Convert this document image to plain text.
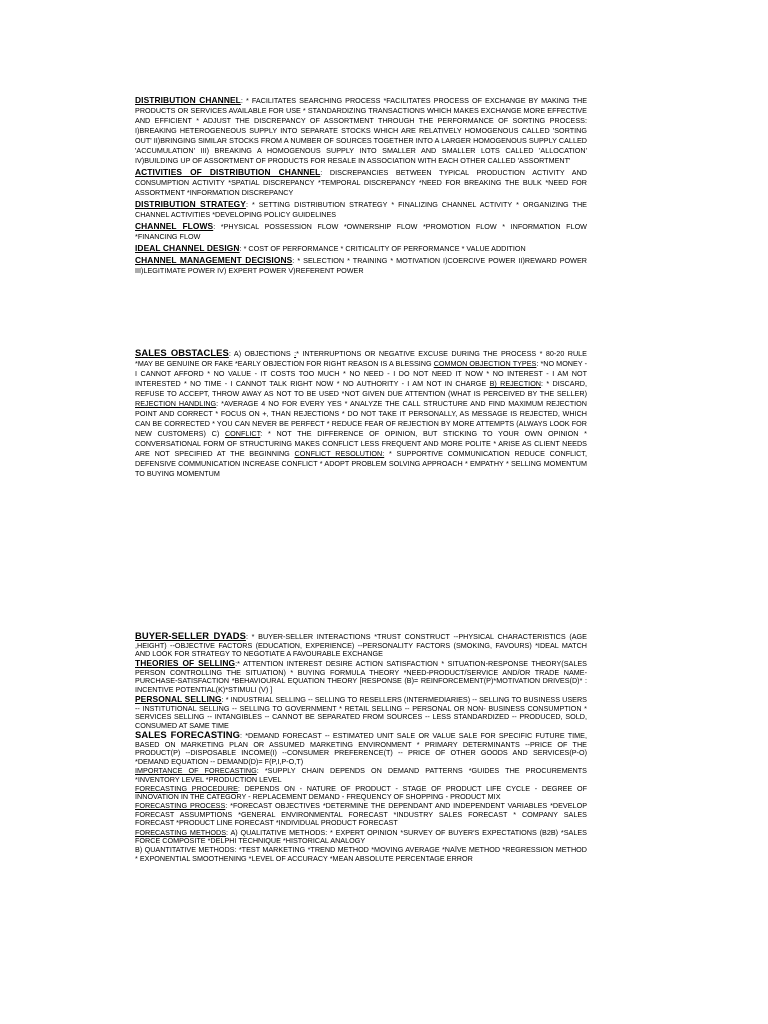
DISTRIBUTION CHANNEL: * FACILITATES SEARCHING PROCESS *FACILITATES PROCESS OF EXCHANGE BY MAKING THE PRODUCTS OR SERVICES AVAILABLE FOR USE * STANDARDIZING TRANSACTIONS WHICH MAKES EXCHANGE MORE EFFECTIVE AND EFFICIENT * ADJUST THE DISCREPANCY OF ASSORTMENT THROUGH THE PERFORMANCE OF SORTING PROCESS: I)BREAKING HETEROGENEOUS SUPPLY INTO SEPARATE STOCKS WHICH ARE RELATIVELY HOMOGENOUS CALLED 'SORTING OUT' II)BRINGING SIMILAR STOCKS FROM A NUMBER OF SOURCES TOGETHER INTO A LARGER HOMOGENOUS SUPPLY CALLED 'ACCUMULATION' III) BREAKING A HOMOGENOUS SUPPLY INTO SMALLER AND SMALLER LOTS CALLED 'ALLOCATION' IV)BUILDING UP OF ASSORTMENT OF PRODUCTS FOR RESALE IN ASSOCIATION WITH EACH OTHER CALLED 'ASSORTMENT'

ACTIVITIES OF DISTRIBUTION CHANNEL: DISCREPANCIES BETWEEN TYPICAL PRODUCTION ACTIVITY AND CONSUMPTION ACTIVITY *SPATIAL DISCREPANCY *TEMPORAL DISCREPANCY *NEED FOR BREAKING THE BULK *NEED FOR ASSORTMENT *INFORMATION DISCREPANCY

DISTRIBUTION STRATEGY: * SETTING DISTRIBUTION STRATEGY * FINALIZING CHANNEL ACTIVITY * ORGANIZING THE CHANNEL ACTIVITIES *DEVELOPING POLICY GUIDELINES

CHANNEL FLOWS: *PHYSICAL POSSESSION FLOW *OWNERSHIP FLOW *PROMOTION FLOW * INFORMATION FLOW *FINANCING FLOW

IDEAL CHANNEL DESIGN: * COST OF PERFORMANCE * CRITICALITY OF PERFORMANCE * VALUE ADDITION

CHANNEL MANAGEMENT DECISIONS: * SELECTION * TRAINING * MOTIVATION I)COERCIVE POWER II)REWARD POWER III)LEGITIMATE POWER IV) EXPERT POWER V)REFERENT POWER

SALES OBSTACLES: A) OBJECTIONS :* INTERRUPTIONS OR NEGATIVE EXCUSE DURING THE PROCESS * 80-20 RULE *MAY BE GENUINE OR FAKE *EARLY OBJECTION FOR RIGHT REASON IS A BLESSING COMMON OBJECTION TYPES: *NO MONEY - I CANNOT AFFORD * NO VALUE - IT COSTS TOO MUCH * NO NEED - I DO NOT NEED IT NOW * NO INTEREST - I AM NOT INTERESTED * NO TIME - I CANNOT TALK RIGHT NOW * NO AUTHORITY - I AM NOT IN CHARGE B) REJECTION: * DISCARD, REFUSE TO ACCEPT, THROW AWAY AS NOT TO BE USED *NOT GIVEN DUE ATTENTION (WHAT IS PERCEIVED BY THE SELLER) REJECTION HANDLING: *AVERAGE 4 NO FOR EVERY YES * ANALYZE THE CALL STRUCTURE AND FIND MAXIMUM REJECTION POINT AND CORRECT * FOCUS ON +, THAN REJECTIONS * DO NOT TAKE IT PERSONALLY, AS MESSAGE IS REJECTED, WHICH CAN BE CORRECTED * YOU CAN NEVER BE PERFECT * REDUCE FEAR OF REJECTION BY MORE ATTEMPTS (ALWAYS LOOK FOR NEW CUSTOMERS) C) CONFLICT: * NOT THE DIFFERENCE OF OPINION, BUT STICKING TO YOUR OWN OPINION * CONVERSATIONAL FORM OF STRUCTURING MAKES CONFLICT LESS FREQUENT AND MORE POLITE * ARISE AS CLIENT NEEDS ARE NOT SPECIFIED AT THE BEGINNING CONFLICT RESOLUTION: * SUPPORTIVE COMMUNICATION REDUCE CONFLICT, DEFENSIVE COMMUNICATION INCREASE CONFLICT * ADOPT PROBLEM SOLVING APPROACH * EMPATHY * SELLING MOMENTUM TO BUYING MOMENTUM

BUYER-SELLER DYADS: * BUYER-SELLER INTERACTIONS *TRUST CONSTRUCT --PHYSICAL CHARACTERISTICS (AGE ,HEIGHT) --OBJECTIVE FACTORS (EDUCATION, EXPERIENCE) --PERSONALITY FACTORS (SMOKING, FAVOURS) *IDEAL MATCH AND LOOK FOR STRATEGY TO NEGOTIATE A FAVOURABLE EXCHANGE

THEORIES OF SELLING:* ATTENTION INTEREST DESIRE ACTION SATISFACTION * SITUATION-RESPONSE THEORY(SALES PERSON CONTROLLING THE SITUATION) * BUYING FORMULA THEORY *NEED-PRODUCT/SERVICE AND/OR TRADE NAME-PURCHASE-SATISFACTION *BEHAVIOURAL EQUATION THEORY [RESPONSE (B)= REINFORCEMENT(P)*MOTIVATION DRIVES(D)* : INCENTIVE POTENTIAL(K)*STIMULI (V) ]

PERSONAL SELLING: * INDUSTRIAL SELLING -- SELLING TO RESELLERS (INTERMEDIARIES) -- SELLING TO BUSINESS USERS -- INSTITUTIONAL SELLING -- SELLING TO GOVERNMENT * RETAIL SELLING -- PERSONAL OR NON- BUSINESS CONSUMPTION * SERVICES SELLING -- INTANGIBLES -- CANNOT BE SEPARATED FROM SOURCES -- LESS STANDARDIZED -- PRODUCED, SOLD, CONSUMED AT SAME TIME

SALES FORECASTING: *DEMAND FORECAST -- ESTIMATED UNIT SALE OR VALUE SALE FOR SPECIFIC FUTURE TIME, BASED ON MARKETING PLAN OR ASSUMED MARKETING ENVIRONMENT * PRIMARY DETERMINANTS --PRICE OF THE PRODUCT(P) --DISPOSABLE INCOME(I) --CONSUMER PREFERENCE(T) -- PRICE OF OTHER GOODS AND SERVICES(P-O) *DEMAND EQUATION -- DEMAND(D)= F(P,I,P-O,T)

IMPORTANCE OF FORECASTING: *SUPPLY CHAIN DEPENDS ON DEMAND PATTERNS *GUIDES THE PROCUREMENTS *INVENTORY LEVEL *PRODUCTION LEVEL

FORECASTING PROCEDURE: DEPENDS ON - NATURE OF PRODUCT - STAGE OF PRODUCT LIFE CYCLE - DEGREE OF INNOVATION IN THE CATEGORY - REPLACEMENT DEMAND - FREQUENCY OF SHOPPING - PRODUCT MIX

FORECASTING PROCESS: *FORECAST OBJECTIVES *DETERMINE THE DEPENDANT AND INDEPENDENT VARIABLES *DEVELOP FORECAST ASSUMPTIONS *GENERAL ENVIRONMENTAL FORECAST *INDUSTRY SALES FORECAST * COMPANY SALES FORECAST *PRODUCT LINE FORECAST *INDIVIDUAL PRODUCT FORECAST

FORECASTING METHODS: A) QUALITATIVE METHODS: * EXPERT OPINION *SURVEY OF BUYER'S EXPECTATIONS (B2B) *SALES FORCE COMPOSITE *DELPHI TECHNIQUE *HISTORICAL ANALOGY

B) QUANTITATIVE METHODS: *TEST MARKETING *TREND METHOD *MOVING AVERAGE *NAÏVE METHOD *REGRESSION METHOD * EXPONENTIAL SMOOTHENING *LEVEL OF ACCURACY *MEAN ABSOLUTE PERCENTAGE ERROR
